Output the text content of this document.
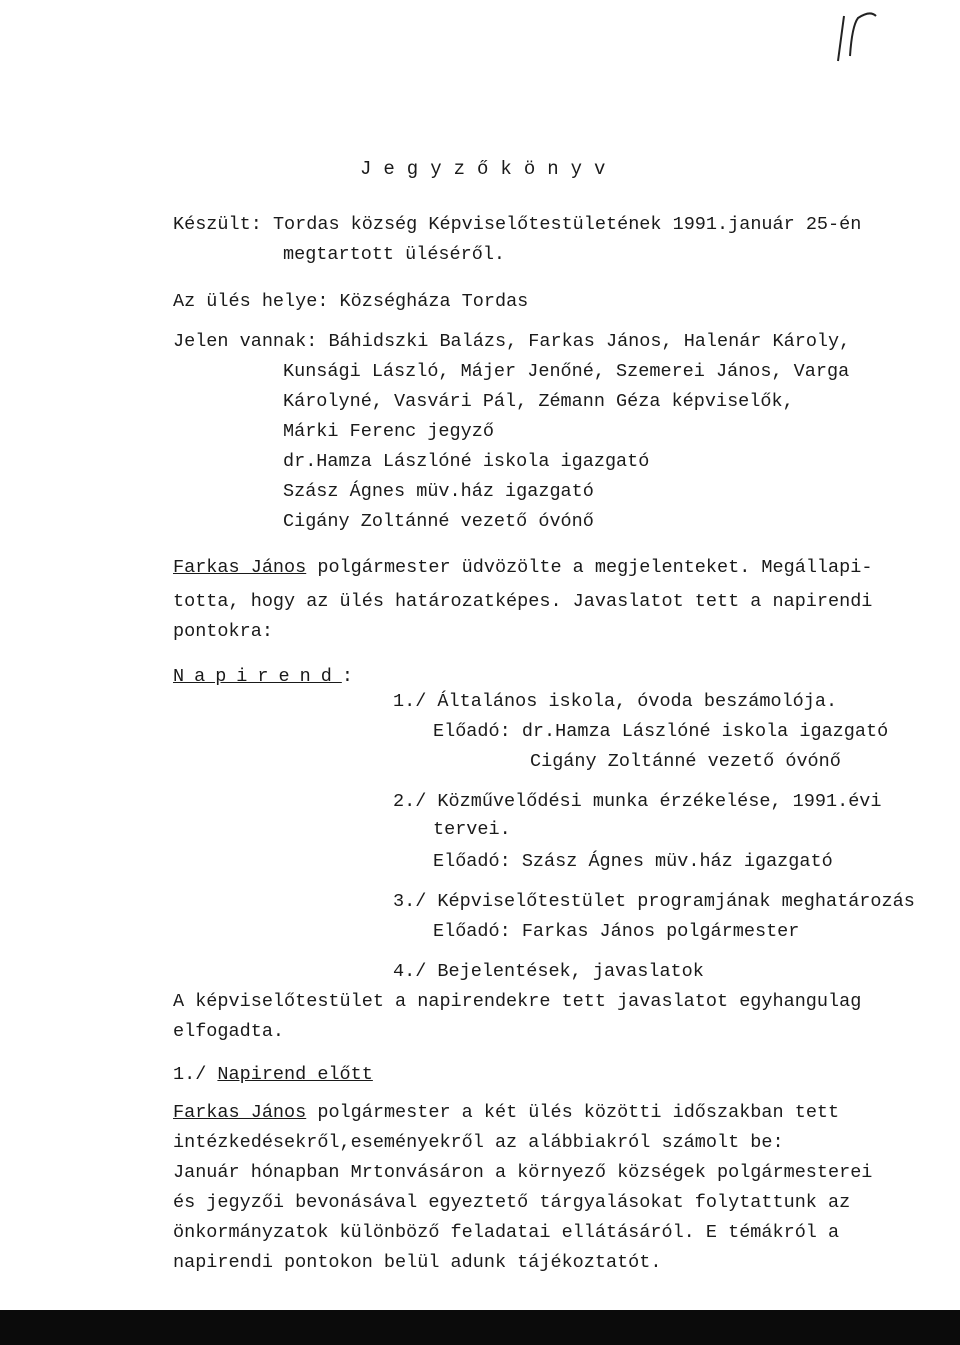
Jegyzőkönyv
Készült: Tordas község Képviselőtestületének 1991.január 25-én
megtartott üléséről.
Az ülés helye: Községháza Tordas
Jelen vannak: Báhidszki Balázs, Farkas János, Halenár Károly,
Kunsági László, Májer Jenőné, Szemerei János, Varga
Károlyné, Vasvári Pál, Zémann Géza képviselők,
Márki Ferenc jegyző
dr.Hamza Lászlóné iskola igazgató
Szász Ágnes müv.ház igazgató
Cigány Zoltánné vezető óvónő
Farkas János polgármester üdvözölte a megjelenteket. Megállapi-
totta, hogy az ülés határozatképes. Javaslatot tett a napirendi
pontokra:
Napirend:
1./ Általános iskola, óvoda beszámolója.
Előadó: dr.Hamza Lászlóné iskola igazgató
Cigány Zoltánné vezető óvónő
2./ Közművelődési munka érzékelése, 1991.évi
tervei.
Előadó: Szász Ágnes müv.ház igazgató
3./ Képviselőtestület programjának meghatározás
Előadó: Farkas János polgármester
4./ Bejelentések, javaslatok
A képviselőtestület a napirendekre tett javaslatot egyhangulag
elfogadta.
1./ Napirend előtt
Farkas János polgármester a két ülés közötti időszakban tett
intézkedésekről,eseményekről az alábbiakról számolt be:
Január hónapban Mrtonvásáron a környező községek polgármesterei
és jegyzői bevonásával egyeztető tárgyalásokat folytattunk az
önkormányzatok különböző feladatai ellátásáról. E témákról a
napirendi pontokon belül adunk tájékoztatót.
